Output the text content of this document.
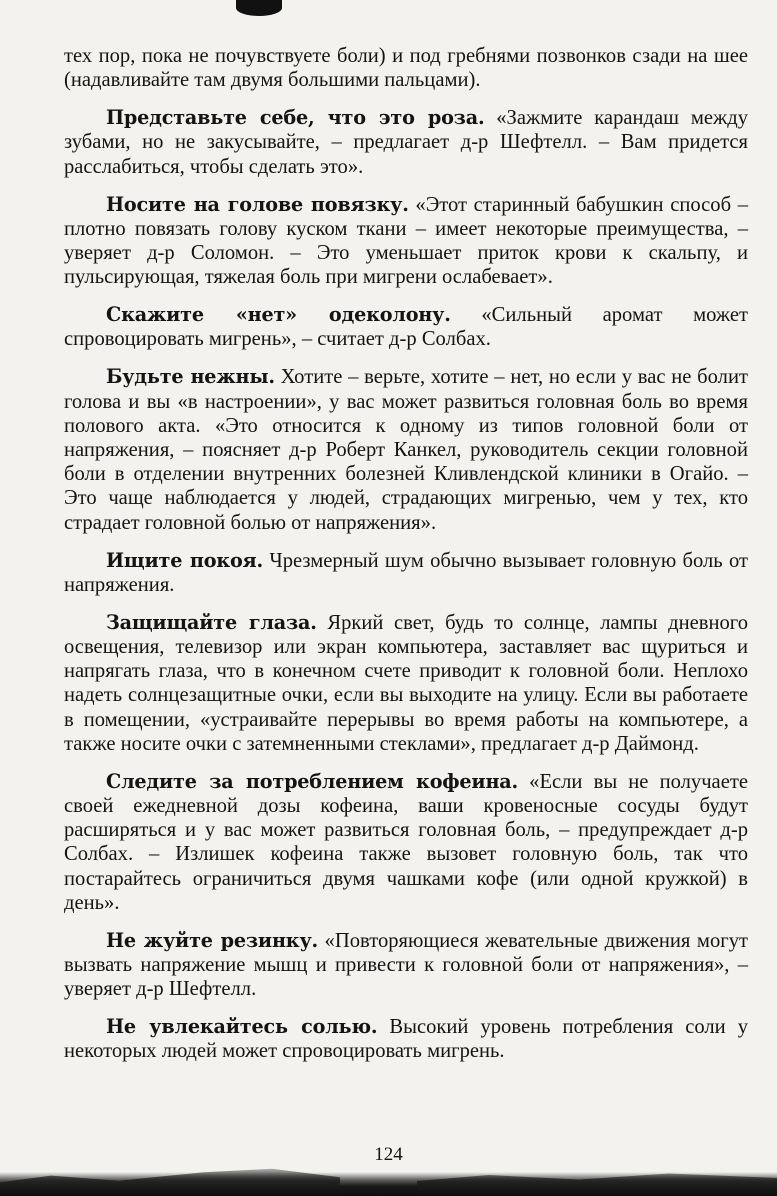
тех пор, пока не почувствуете боли) и под гребнями позвонков сзади на шее (надавливайте там двумя большими пальцами).

Представьте себе, что это роза. «Зажмите карандаш между зубами, но не закусывайте, – предлагает д-р Шефтелл. – Вам придется расслабиться, чтобы сделать это».

Носите на голове повязку. «Этот старинный бабушкин способ – плотно повязать голову куском ткани – имеет некоторые преимущества, – уверяет д-р Соломон. – Это уменьшает приток крови к скальпу, и пульсирующая, тяжелая боль при мигрени ослабевает».

Скажите «нет» одеколону. «Сильный аромат может спровоцировать мигрень», – считает д-р Солбах.

Будьте нежны. Хотите – верьте, хотите – нет, но если у вас не болит голова и вы «в настроении», у вас может развиться головная боль во время полового акта. «Это относится к одному из типов головной боли от напряжения, – поясняет д-р Роберт Канкел, руководитель секции головной боли в отделении внутренних болезней Кливлендской клиники в Огайо. – Это чаще наблюдается у людей, страдающих мигренью, чем у тех, кто страдает головной болью от напряжения».

Ищите покоя. Чрезмерный шум обычно вызывает головную боль от напряжения.

Защищайте глаза. Яркий свет, будь то солнце, лампы дневного освещения, телевизор или экран компьютера, заставляет вас щуриться и напрягать глаза, что в конечном счете приводит к головной боли. Неплохо надеть солнцезащитные очки, если вы выходите на улицу. Если вы работаете в помещении, «устраивайте перерывы во время работы на компьютере, а также носите очки с затемненными стеклами», предлагает д-р Даймонд.

Следите за потреблением кофеина. «Если вы не получаете своей ежедневной дозы кофеина, ваши кровеносные сосуды будут расширяться и у вас может развиться головная боль, – предупреждает д-р Солбах. – Излишек кофеина также вызовет головную боль, так что постарайтесь ограничиться двумя чашками кофе (или одной кружкой) в день».

Не жуйте резинку. «Повторяющиеся жевательные движения могут вызвать напряжение мышц и привести к головной боли от напряжения», – уверяет д-р Шефтелл.

Не увлекайтесь солью. Высокий уровень потребления соли у некоторых людей может спровоцировать мигрень.

124
